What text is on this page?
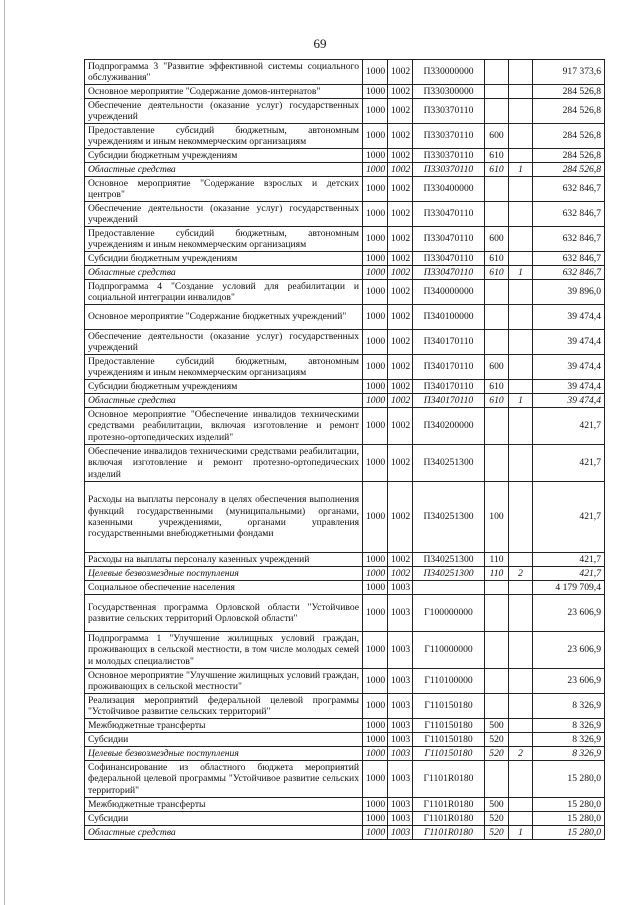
69
Подпрограмма 3 "Развитие эффективной системы социального обслуживания"	1000	1002	П330000000			917 373,6
Основное мероприятие "Содержание домов-интернатов"	1000	1002	П330300000			284 526,8
Обеспечение деятельности (оказание услуг) государственных учреждений	1000	1002	П330370110			284 526,8
Предоставление субсидий бюджетным, автономным учреждениям и иным некоммерческим организациям	1000	1002	П330370110	600		284 526,8
Субсидии бюджетным учреждениям	1000	1002	П330370110	610		284 526,8
Областные средства	1000	1002	П330370110	610	1	284 526,8
Основное мероприятие "Содержание взрослых и детских центров"	1000	1002	П330400000			632 846,7
Обеспечение деятельности (оказание услуг) государственных учреждений	1000	1002	П330470110			632 846,7
Предоставление субсидий бюджетным, автономным учреждениям и иным некоммерческим организациям	1000	1002	П330470110	600		632 846,7
Субсидии бюджетным учреждениям	1000	1002	П330470110	610		632 846,7
Областные средства	1000	1002	П330470110	610	1	632 846,7
Подпрограмма 4 "Создание условий для реабилитации и социальной интеграции инвалидов"	1000	1002	П340000000			39 896,0
Основное мероприятие "Содержание бюджетных учреждений"	1000	1002	П340100000			39 474,4
Обеспечение деятельности (оказание услуг) государственных учреждений	1000	1002	П340170110			39 474,4
Предоставление субсидий бюджетным, автономным учреждениям и иным некоммерческим организациям	1000	1002	П340170110	600		39 474,4
Субсидии бюджетным учреждениям	1000	1002	П340170110	610		39 474,4
Областные средства	1000	1002	П340170110	610	1	39 474,4
Основное мероприятие "Обеспечение инвалидов техническими средствами реабилитации, включая изготовление и ремонт протезно-ортопедических изделий"	1000	1002	П340200000			421,7
Обеспечение инвалидов техническими средствами реабилитации, включая изготовление и ремонт протезно-ортопедических изделий	1000	1002	П340251300			421,7
Расходы на выплаты персоналу в целях обеспечения выполнения функций государственными (муниципальными) органами, казенными учреждениями, органами управления государственными внебюджетными фондами	1000	1002	П340251300	100		421,7
Расходы на выплаты персоналу казенных учреждений	1000	1002	П340251300	110		421,7
Целевые безвозмездные поступления	1000	1002	П340251300	110	2	421,7
Социальное обеспечение населения	1000	1003				4 179 709,4
Государственная программа Орловской области "Устойчивое развитие сельских территорий Орловской области"	1000	1003	Г100000000			23 606,9
Подпрограмма 1 "Улучшение жилищных условий граждан, проживающих в сельской местности, в том числе молодых семей и молодых специалистов"	1000	1003	Г110000000			23 606,9
Основное мероприятие "Улучшение жилищных условий граждан, проживающих в сельской местности"	1000	1003	Г110100000			23 606,9
Реализация мероприятий федеральной целевой программы "Устойчивое развитие сельских территорий"	1000	1003	Г110150180			8 326,9
Межбюджетные трансферты	1000	1003	Г110150180	500		8 326,9
Субсидии	1000	1003	Г110150180	520		8 326,9
Целевые безвозмездные поступления	1000	1003	Г110150180	520	2	8 326,9
Софинансирование из областного бюджета мероприятий федеральной целевой программы "Устойчивое развитие сельских территорий"	1000	1003	Г1101R0180			15 280,0
Межбюджетные трансферты	1000	1003	Г1101R0180	500		15 280,0
Субсидии	1000	1003	Г1101R0180	520		15 280,0
Областные средства	1000	1003	Г1101R0180	520	1	15 280,0
